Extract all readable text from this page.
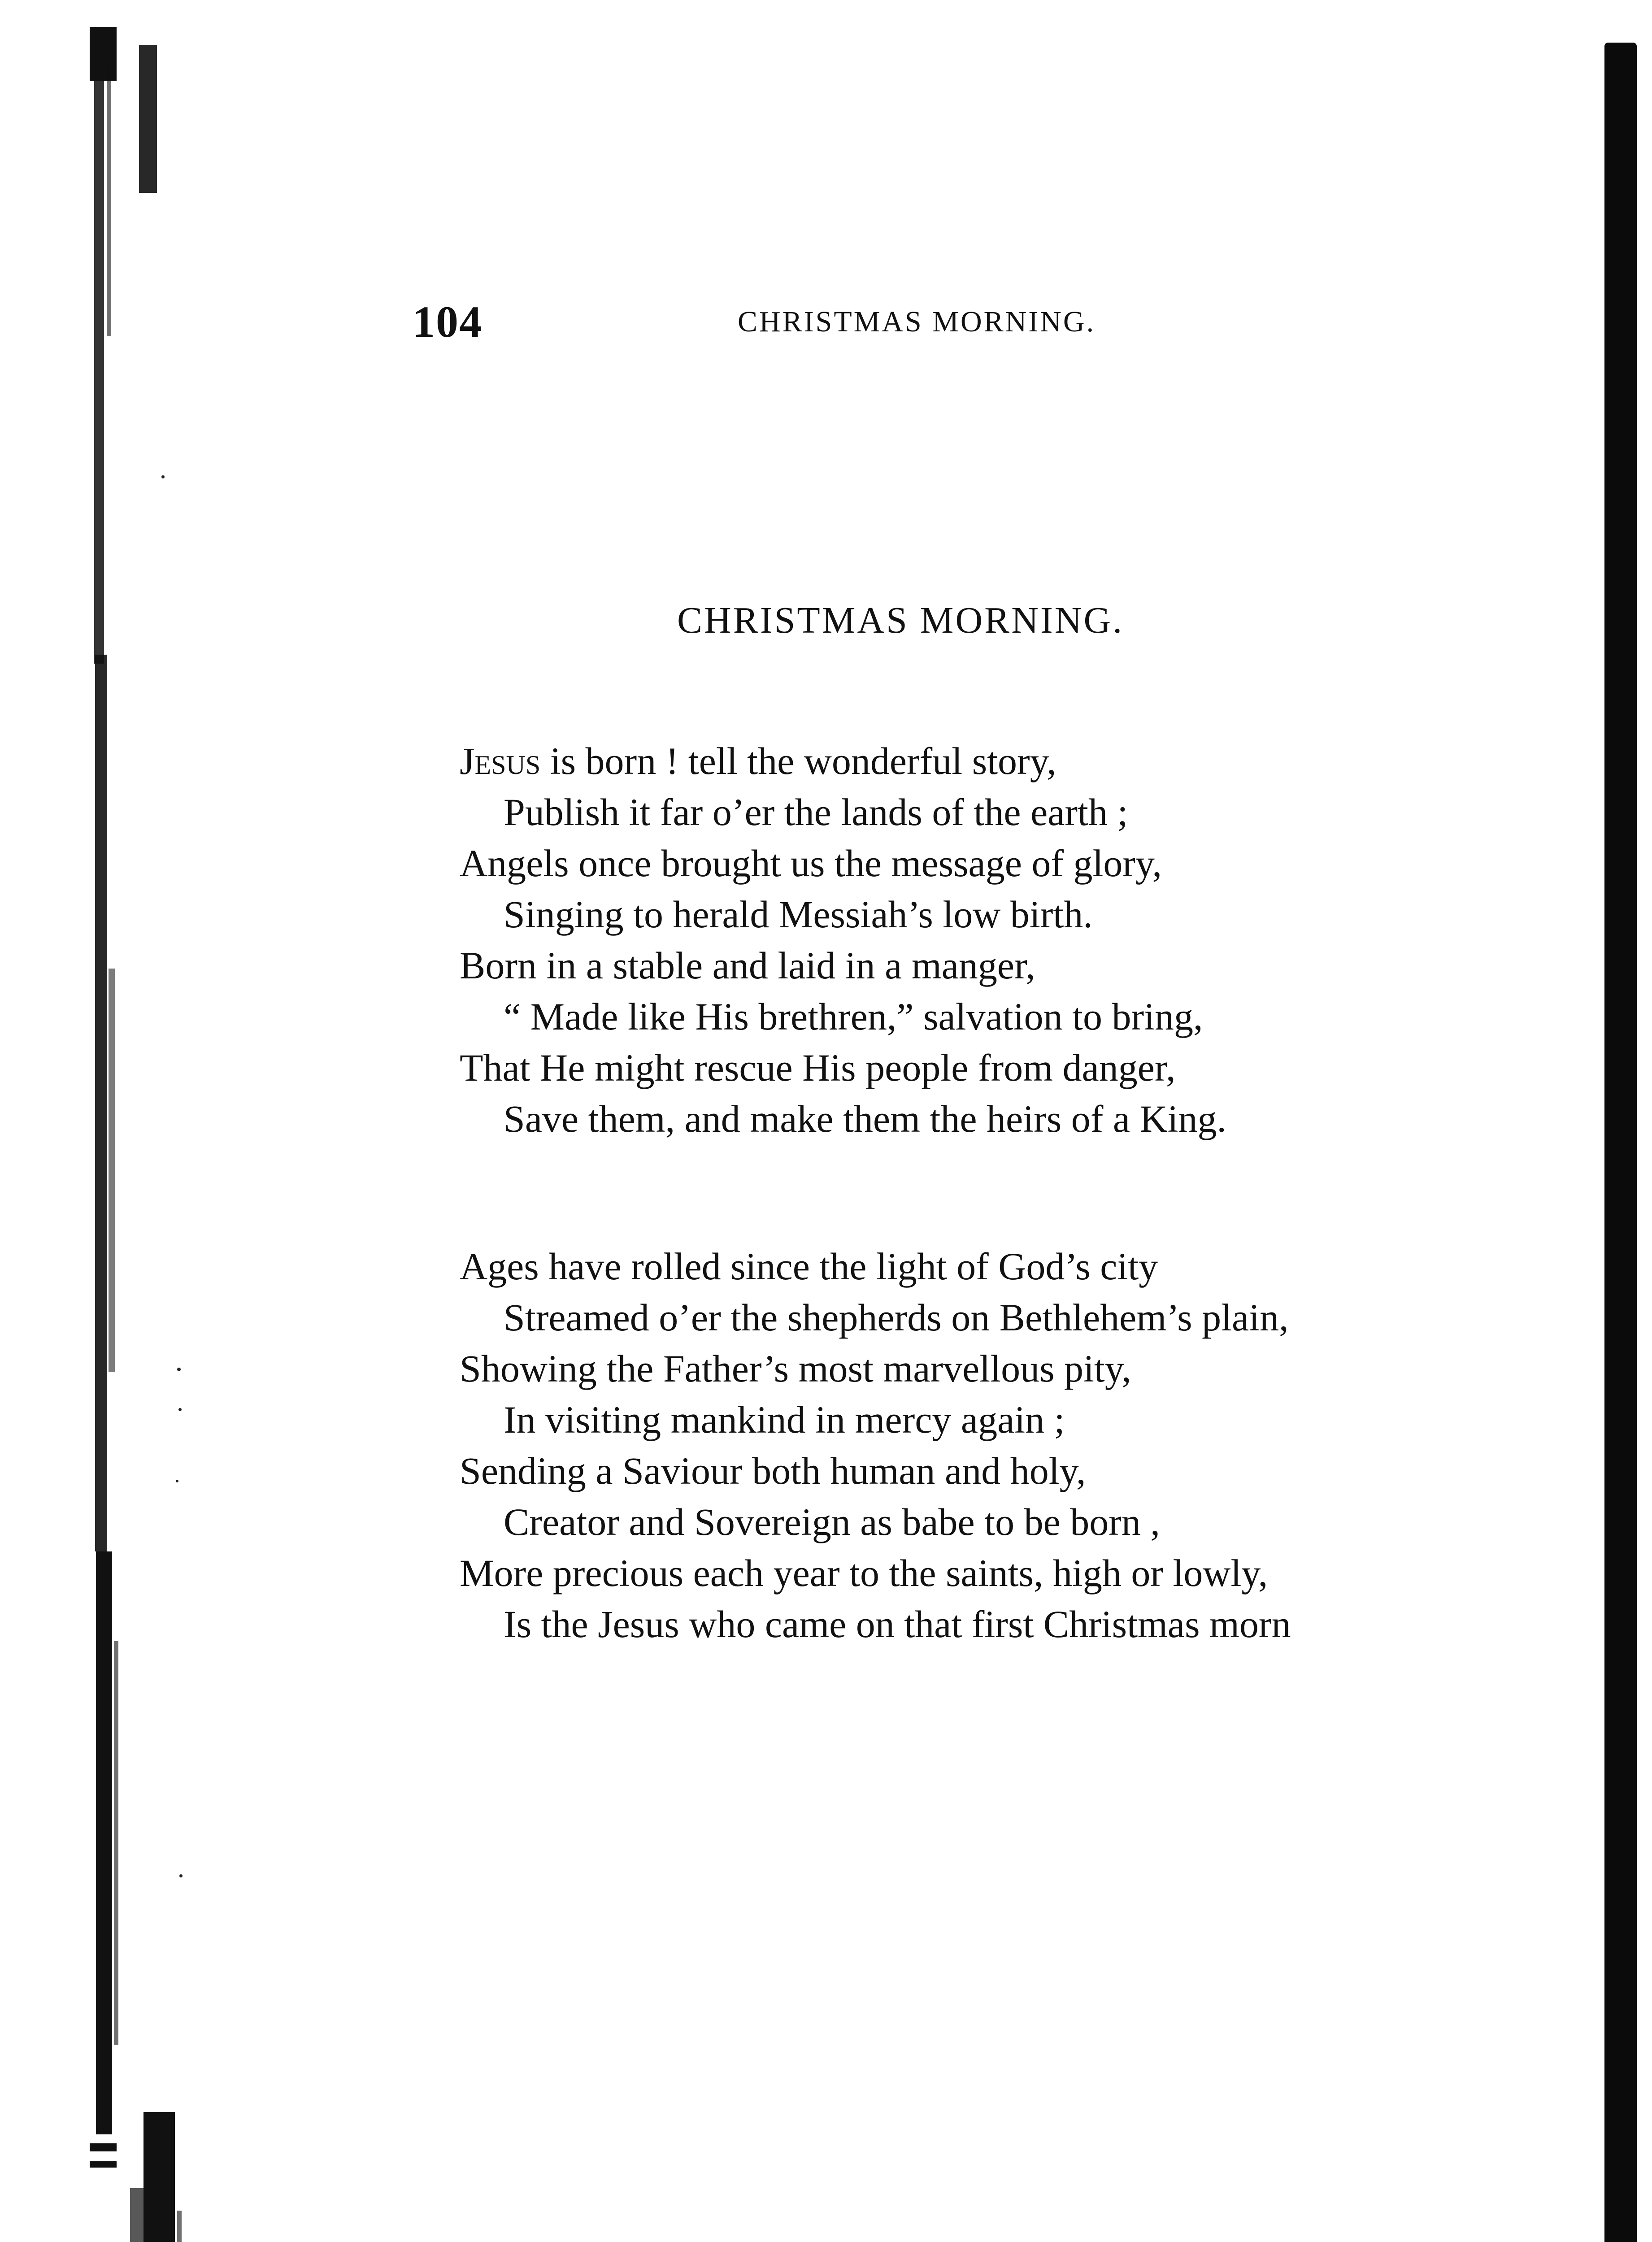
104	CHRISTMAS MORNING.
CHRISTMAS MORNING.
Jesus is born ! tell the wonderful story,
Publish it far o’er the lands of the earth ;
Angels once brought us the message of glory,
Singing to herald Messiah’s low birth.
Born in a stable and laid in a manger,
“ Made like His brethren,” salvation to bring,
That He might rescue His people from danger,
Save them, and make them the heirs of a King.
Ages have rolled since the light of God’s city
Streamed o’er the shepherds on Bethlehem’s plain,
Showing the Father’s most marvellous pity,
In visiting mankind in mercy again ;
Sending a Saviour both human and holy,
Creator and Sovereign as babe to be born ,
More precious each year to the saints, high or lowly,
Is the Jesus who came on that first Christmas morn
